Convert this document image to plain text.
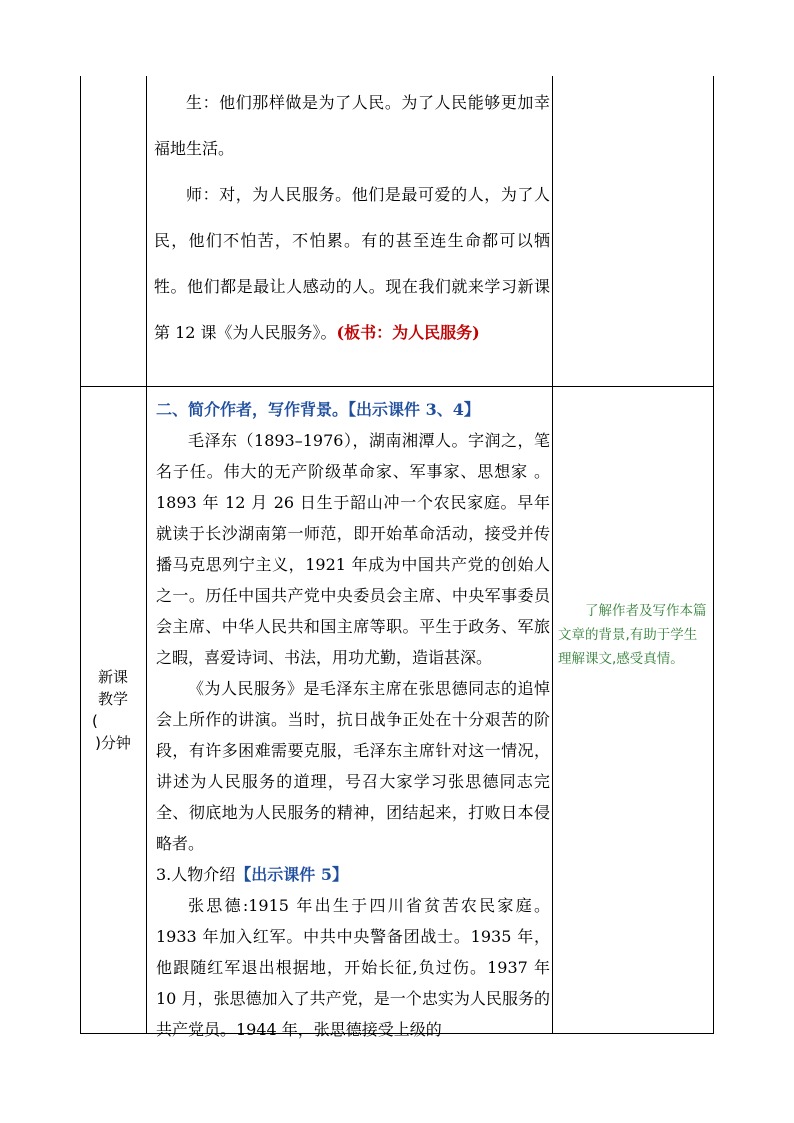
生：他们那样做是为了人民。为了人民能够更加幸福地生活。

师：对，为人民服务。他们是最可爱的人，为了人民，他们不怕苦，不怕累。有的甚至连生命都可以牺牲。他们都是最让人感动的人。现在我们就来学习新课第 12 课《为人民服务》。(板书：为人民服务)

新课
教学
(
)分钟

二、简介作者，写作背景。【出示课件 3、4】

毛泽东（1893–1976），湖南湘潭人。字润之，笔名子任。伟大的无产阶级革命家、军事家、思想家 。1893 年 12 月 26 日生于韶山冲一个农民家庭。早年就读于长沙湖南第一师范，即开始革命活动，接受并传播马克思列宁主义，1921 年成为中国共产党的创始人之一。历任中国共产党中央委员会主席、中央军事委员会主席、中华人民共和国主席等职。平生于政务、军旅之暇，喜爱诗词、书法，用功尤勤，造诣甚深。

《为人民服务》是毛泽东主席在张思德同志的追悼会上所作的讲演。当时，抗日战争正处在十分艰苦的阶段，有许多困难需要克服，毛泽东主席针对这一情况，讲述为人民服务的道理，号召大家学习张思德同志完全、彻底地为人民服务的精神，团结起来，打败日本侵略者。

3.人物介绍【出示课件 5】

张思德:1915 年出生于四川省贫苦农民家庭。1933 年加入红军。中共中央警备团战士。1935 年，他跟随红军退出根据地，开始长征,负过伤。1937 年 10 月，张思德加入了共产党，是一个忠实为人民服务的共产党员。1944 年，张思德接受上级的

了解作者及写作本篇文章的背景,有助于学生理解课文,感受真情。
